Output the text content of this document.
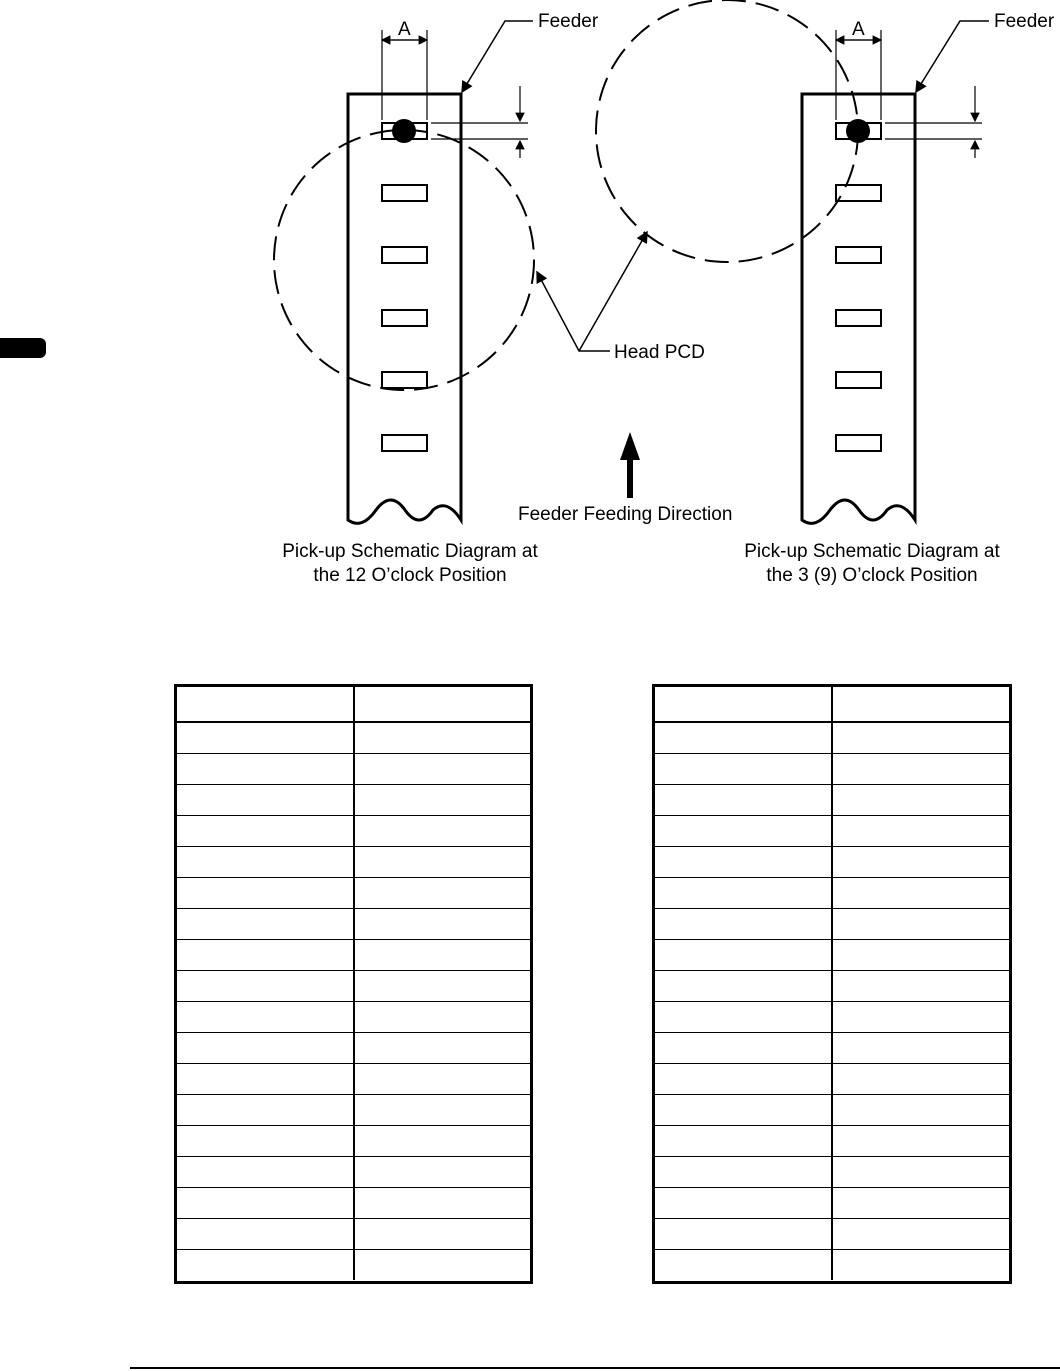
A	Feeder	A	Feeder
Head PCD
Feeder Feeding Direction
Pick-up Schematic Diagram at
the 12 O’clock Position
Pick-up Schematic Diagram at
the 3 (9) O’clock Position
